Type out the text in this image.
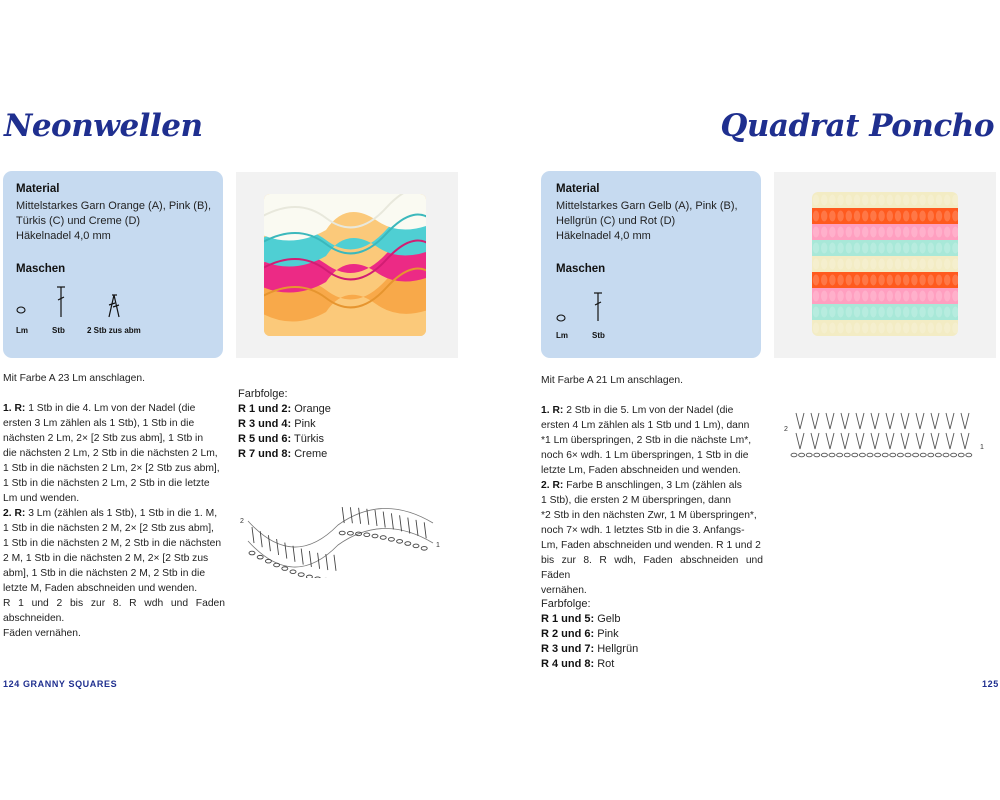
Neonwellen
Material
Mittelstarkes Garn Orange (A), Pink (B),
Türkis (C) und Creme (D)
Häkelnadel 4,0 mm
Maschen
Lm	Stb	2 Stb zus abm

Mit Farbe A 23 Lm anschlagen.

1. R: 1 Stb in die 4. Lm von der Nadel (die

ersten 3 Lm zählen als 1 Stb), 1 Stb in die

nächsten 2 Lm, 2× [2 Stb zus abm], 1 Stb in

die nächsten 2 Lm, 2 Stb in die nächsten 2 Lm,

1 Stb in die nächsten 2 Lm, 2× [2 Stb zus abm],

1 Stb in die nächsten 2 Lm, 2 Stb in die letzte

Lm und wenden.

2. R: 3 Lm (zählen als 1 Stb), 1 Stb in die 1. M,

1 Stb in die nächsten 2 M, 2× [2 Stb zus abm],

1 Stb in die nächsten 2 M, 2 Stb in die nächsten

2 M, 1 Stb in die nächsten 2 M, 2× [2 Stb zus

abm], 1 Stb in die nächsten 2 M, 2 Stb in die

letzte M, Faden abschneiden und wenden.

R 1 und 2 bis zur 8. R wdh und Faden abschneiden.

Fäden vernähen.

Farbfolge:
R 1 und 2: Orange
R 3 und 4: Pink
R 5 und 6: Türkis
R 7 und 8: Creme
2
1
124 GRANNY SQUARES
Quadrat Poncho
Material
Mittelstarkes Garn Gelb (A), Pink (B),
Hellgrün (C) und Rot (D)
Häkelnadel 4,0 mm
Maschen
Lm	Stb

Mit Farbe A 21 Lm anschlagen.

1. R: 2 Stb in die 5. Lm von der Nadel (die

ersten 4 Lm zählen als 1 Stb und 1 Lm), dann

*1 Lm überspringen, 2 Stb in die nächste Lm*,

noch 6× wdh. 1 Lm überspringen, 1 Stb in die

letzte Lm, Faden abschneiden und wenden.

2. R: Farbe B anschlingen, 3 Lm (zählen als

1 Stb), die ersten 2 M überspringen, dann

*2 Stb in den nächsten Zwr, 1 M überspringen*,

noch 7× wdh. 1 letztes Stb in die 3. Anfangs-

Lm, Faden abschneiden und wenden. R 1 und 2

bis zur 8. R wdh, Faden abschneiden und Fäden

vernähen.

Farbfolge:
R 1 und 5: Gelb
R 2 und 6: Pink
R 3 und 7: Hellgrün
R 4 und 8: Rot
2
1
125
